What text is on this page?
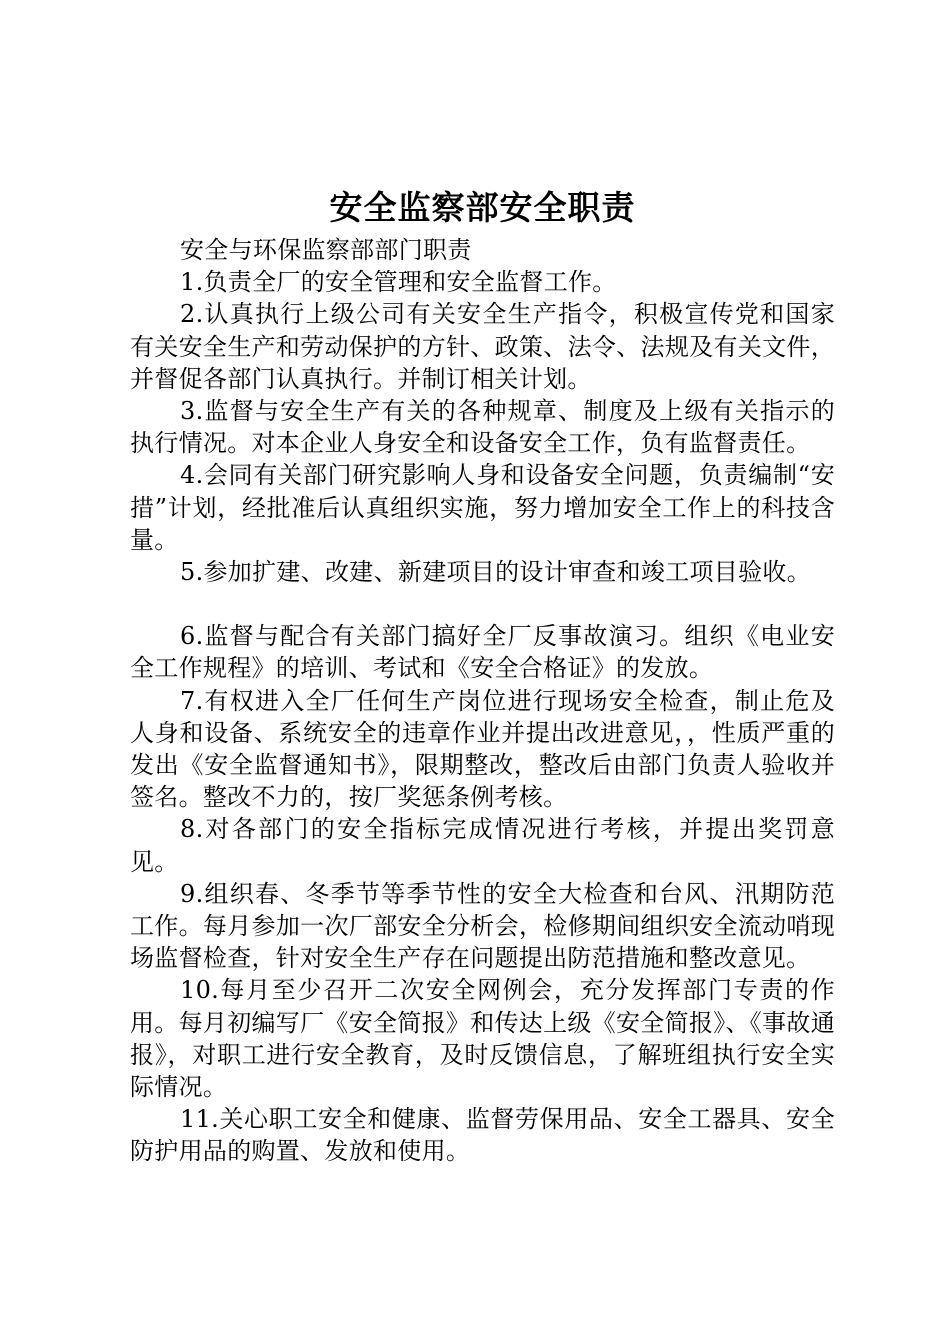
安全监察部安全职责

安全与环保监察部部门职责

1.负责全厂的安全管理和安全监督工作。

2.认真执行上级公司有关安全生产指令，积极宣传党和国家有关安全生产和劳动保护的方针、政策、法令、法规及有关文件，并督促各部门认真执行。并制订相关计划。

3.监督与安全生产有关的各种规章、制度及上级有关指示的执行情况。对本企业人身安全和设备安全工作，负有监督责任。

4.会同有关部门研究影响人身和设备安全问题，负责编制“安措”计划，经批准后认真组织实施，努力增加安全工作上的科技含量。

5.参加扩建、改建、新建项目的设计审查和竣工项目验收。

6.监督与配合有关部门搞好全厂反事故演习。组织《电业安全工作规程》的培训、考试和《安全合格证》的发放。

7.有权进入全厂任何生产岗位进行现场安全检查，制止危及人身和设备、系统安全的违章作业并提出改进意见，，性质严重的发出《安全监督通知书》，限期整改，整改后由部门负责人验收并签名。整改不力的，按厂奖惩条例考核。

8.对各部门的安全指标完成情况进行考核，并提出奖罚意见。

9.组织春、冬季节等季节性的安全大检查和台风、汛期防范工作。每月参加一次厂部安全分析会，检修期间组织安全流动哨现场监督检查，针对安全生产存在问题提出防范措施和整改意见。

10.每月至少召开二次安全网例会，充分发挥部门专责的作用。每月初编写厂《安全简报》和传达上级《安全简报》、《事故通报》，对职工进行安全教育，及时反馈信息，了解班组执行安全实际情况。

11.关心职工安全和健康、监督劳保用品、安全工器具、安全防护用品的购置、发放和使用。
